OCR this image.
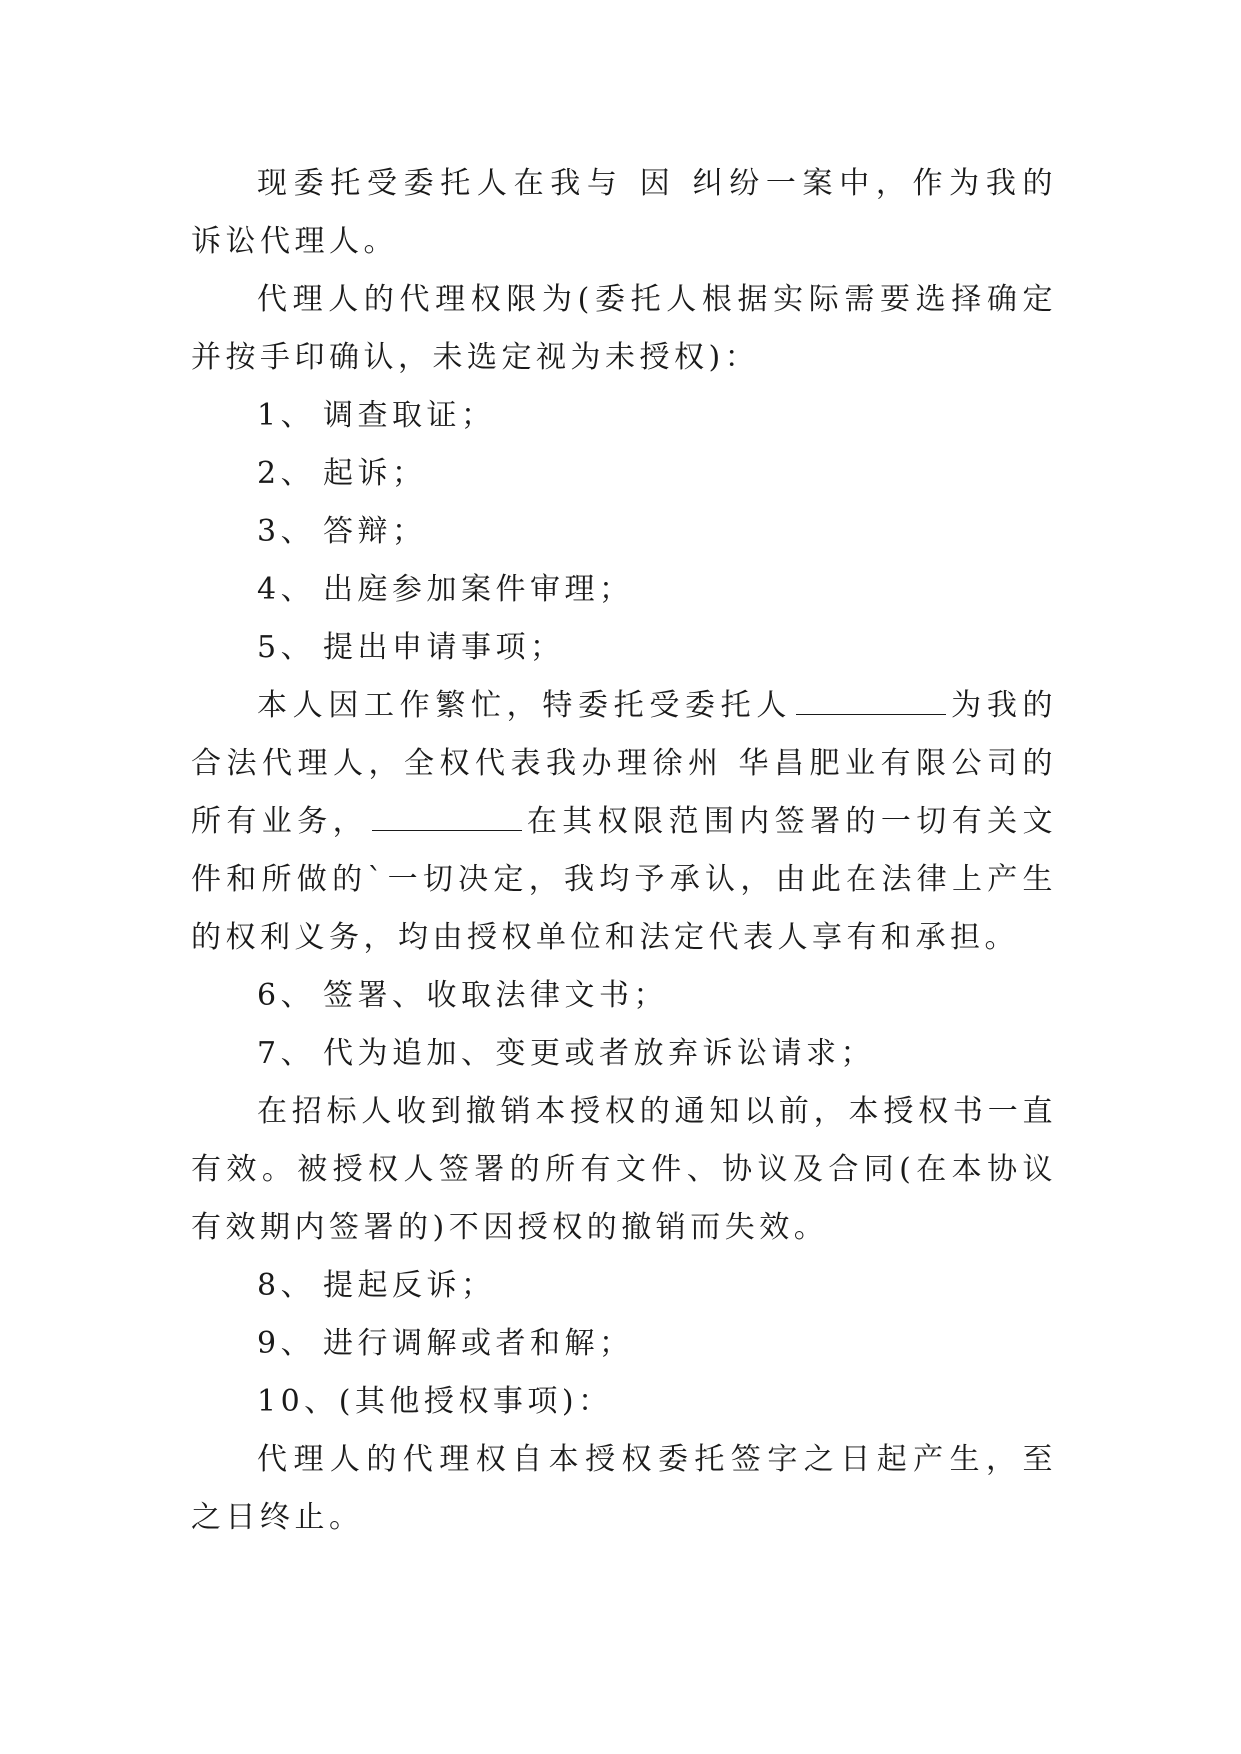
现委托受委托人在我与 因 纠纷一案中，作为我的 诉讼代理人。

代理人的代理权限为(委托人根据实际需要选择确定并按手印确认，未选定视为未授权)：

1、 调查取证；

2、 起诉；

3、 答辩；

4、 出庭参加案件审理；

5、 提出申请事项；

本人因工作繁忙，特委托受委托人	为我的合法代理人，全权代表我办理徐州 华昌肥业有限公司的所有业务，	在其权限范围内签署的一切有关文件和所做的`一切决定，我均予承认，由此在法律上产生的权利义务，均由授权单位和法定代表人享有和承担。

6、 签署、收取法律文书；

7、 代为追加、变更或者放弃诉讼请求；

在招标人收到撤销本授权的通知以前，本授权书一直有效。被授权人签署的所有文件、协议及合同(在本协议有效期内签署的)不因授权的撤销而失效。

8、 提起反诉；

9、 进行调解或者和解；

10、(其他授权事项)：

代理人的代理权自本授权委托签字之日起产生，至 之日终止。
